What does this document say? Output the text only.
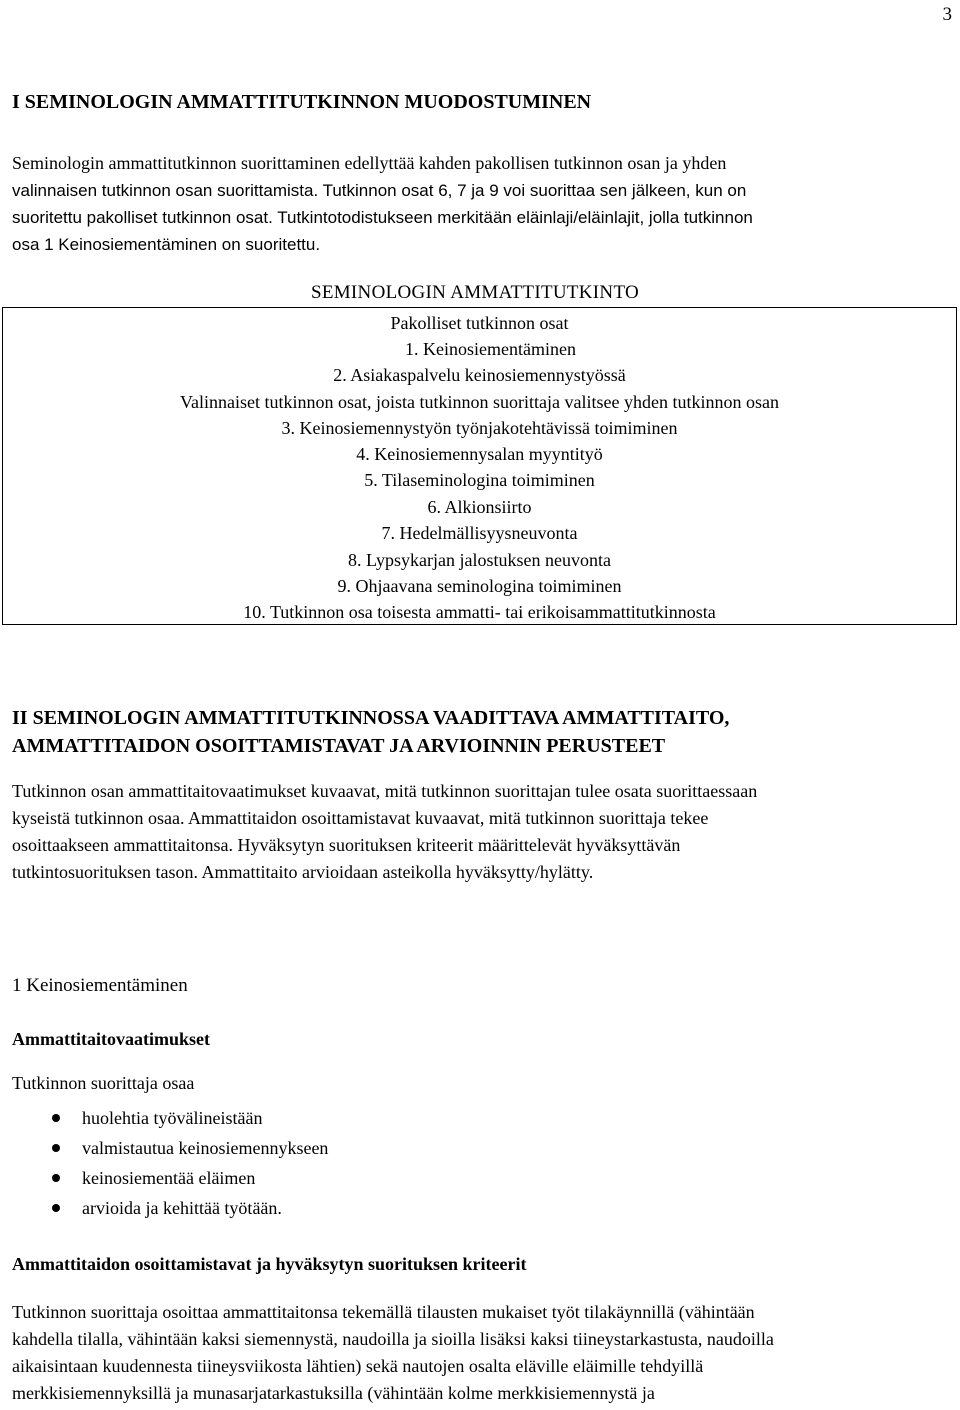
3
I SEMINOLOGIN AMMATTITUTKINNON MUODOSTUMINEN

Seminologin ammattitutkinnon suorittaminen edellyttää kahden pakollisen tutkinnon osan ja yhden
valinnaisen tutkinnon osan suorittamista. Tutkinnon osat 6, 7 ja 9 voi suorittaa sen jälkeen, kun on
suoritettu pakolliset tutkinnon osat. Tutkintotodistukseen merkitään eläinlaji/eläinlajit, jolla tutkinnon
osa 1 Keinosiementäminen on suoritettu.

SEMINOLOGIN AMMATTITUTKINTO
Pakolliset tutkinnon osat
1. Keinosiementäminen
2. Asiakaspalvelu keinosiemennystyössä
Valinnaiset tutkinnon osat, joista tutkinnon suorittaja valitsee yhden tutkinnon osan
3. Keinosiemennystyön työnjakotehtävissä toimiminen
4. Keinosiemennysalan myyntityö
5. Tilaseminologina toimiminen
6. Alkionsiirto
7. Hedelmällisyysneuvonta
8. Lypsykarjan jalostuksen neuvonta
9. Ohjaavana seminologina toimiminen
10. Tutkinnon osa toisesta ammatti- tai erikoisammattitutkinnosta
II SEMINOLOGIN AMMATTITUTKINNOSSA VAADITTAVA AMMATTITAITO,
AMMATTITAIDON OSOITTAMISTAVAT JA ARVIOINNIN PERUSTEET

Tutkinnon osan ammattitaitovaatimukset kuvaavat, mitä tutkinnon suorittajan tulee osata suorittaessaan
kyseistä tutkinnon osaa. Ammattitaidon osoittamistavat kuvaavat, mitä tutkinnon suorittaja tekee
osoittaakseen ammattitaitonsa. Hyväksytyn suorituksen kriteerit määrittelevät hyväksyttävän
tutkintosuorituksen tason. Ammattitaito arvioidaan asteikolla hyväksytty/hylätty.

1 Keinosiementäminen
Ammattitaitovaatimukset

Tutkinnon suorittaja osaa

huolehtia työvälineistään
valmistautua keinosiemennykseen
keinosiementää eläimen
arvioida ja kehittää työtään.
Ammattitaidon osoittamistavat ja hyväksytyn suorituksen kriteerit

Tutkinnon suorittaja osoittaa ammattitaitonsa tekemällä tilausten mukaiset työt tilakäynnillä (vähintään
kahdella tilalla, vähintään kaksi siemennystä, naudoilla ja sioilla lisäksi kaksi tiineystarkastusta, naudoilla
aikaisintaan kuudennesta tiineysviikosta lähtien) sekä nautojen osalta eläville eläimille tehdyillä
merkkisiemennyksillä ja munasarjatarkastuksilla (vähintään kolme merkkisiemennystä ja
